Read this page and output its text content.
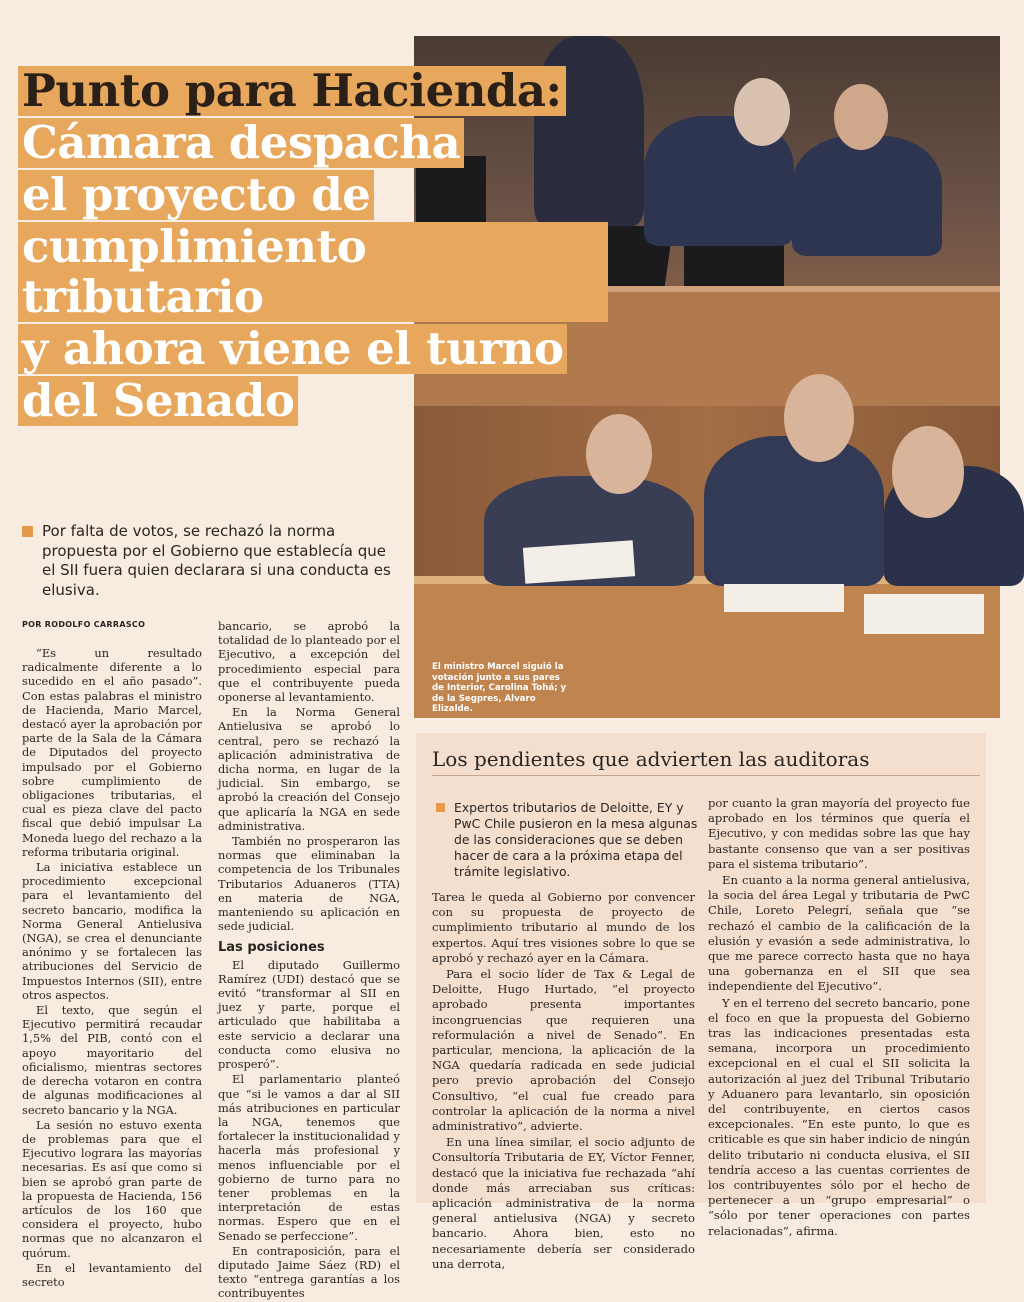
El ministro Marcel siguió la votación junto a sus pares de Interior, Carolina Tohá; y de la Segpres, Alvaro Elizalde.
Punto para Hacienda:
Cámara despacha
el proyecto de
cumplimiento tributario
y ahora viene el turno
del Senado
Por falta de votos, se rechazó la norma propuesta por el Gobierno que establecía que el SII fuera quien declarara si una conducta es elusiva.
POR RODOLFO CARRASCO

“Es un resultado radicalmente diferente a lo sucedido en el año pasado”. Con estas palabras el ministro de Hacienda, Mario Marcel, destacó ayer la aprobación por parte de la Sala de la Cámara de Diputados del proyecto impulsado por el Gobierno sobre cumplimiento de obligaciones tributarias, el cual es pieza clave del pacto fiscal que debió impulsar La Moneda luego del rechazo a la reforma tributaria original.

La iniciativa establece un procedimiento excepcional para el levantamiento del secreto bancario, modifica la Norma General Antielusiva (NGA), se crea el denunciante anónimo y se fortalecen las atribuciones del Servicio de Impuestos Internos (SII), entre otros aspectos.

El texto, que según el Ejecutivo permitirá recaudar 1,5% del PIB, contó con el apoyo mayoritario del oficialismo, mientras sectores de derecha votaron en contra de algunas modificaciones al secreto bancario y la NGA.

La sesión no estuvo exenta de problemas para que el Ejecutivo lograra las mayorías necesarias. Es así que como si bien se aprobó gran parte de la propuesta de Hacienda, 156 artículos de los 160 que considera el proyecto, hubo normas que no alcanzaron el quórum.

En el levantamiento del secreto

bancario, se aprobó la totalidad de lo planteado por el Ejecutivo, a excepción del procedimiento especial para que el contribuyente pueda oponerse al levantamiento.

En la Norma General Antielusiva se aprobó lo central, pero se rechazó la aplicación administrativa de dicha norma, en lugar de la judicial. Sin embargo, se aprobó la creación del Consejo que aplicaría la NGA en sede administrativa.

También no prosperaron las normas que eliminaban la competencia de los Tribunales Tributarios Aduaneros (TTA) en materia de NGA, manteniendo su aplicación en sede judicial.

Las posiciones

El diputado Guillermo Ramírez (UDI) destacó que se evitó “transformar al SII en juez y parte, porque el articulado que habilitaba a este servicio a declarar una conducta como elusiva no prosperó”.

El parlamentario planteó que “si le vamos a dar al SII más atribuciones en particular la NGA, tenemos que fortalecer la institucionalidad y hacerla más profesional y menos influenciable por el gobierno de turno para no tener problemas en la interpretación de estas normas. Espero que en el Senado se perfeccione”.

En contraposición, para el diputado Jaime Sáez (RD) el texto “entrega garantías a los contribuyentes

Los pendientes que advierten las auditoras
Expertos tributarios de Deloitte, EY y PwC Chile pusieron en la mesa algunas de las consideraciones que se deben hacer de cara a la próxima etapa del trámite legislativo.

Tarea le queda al Gobierno por convencer con su propuesta de proyecto de cumplimiento tributario al mundo de los expertos. Aquí tres visiones sobre lo que se aprobó y rechazó ayer en la Cámara.

Para el socio líder de Tax & Legal de Deloitte, Hugo Hurtado, “el proyecto aprobado presenta importantes incongruencias que requieren una reformulación a nivel de Senado”. En particular, menciona, la aplicación de la NGA quedaría radicada en sede judicial pero previo aprobación del Consejo Consultivo, “el cual fue creado para controlar la aplicación de la norma a nivel administrativo”, advierte.

En una línea similar, el socio adjunto de Consultoría Tributaria de EY, Víctor Fenner, destacó que la iniciativa fue rechazada “ahí donde más arreciaban sus críticas: aplicación administrativa de la norma general antielusiva (NGA) y secreto bancario. Ahora bien, esto no necesariamente debería ser considerado una derrota,

por cuanto la gran mayoría del proyecto fue aprobado en los términos que quería el Ejecutivo, y con medidas sobre las que hay bastante consenso que van a ser positivas para el sistema tributario”.

En cuanto a la norma general antielusiva, la socia del área Legal y tributaria de PwC Chile, Loreto Pelegrí, señala que “se rechazó el cambio de la calificación de la elusión y evasión a sede administrativa, lo que me parece correcto hasta que no haya una gobernanza en el SII que sea independiente del Ejecutivo”.

Y en el terreno del secreto bancario, pone el foco en que la propuesta del Gobierno tras las indicaciones presentadas esta semana, incorpora un procedimiento excepcional en el cual el SII solicita la autorización al juez del Tribunal Tributario y Aduanero para levantarlo, sin oposición del contribuyente, en ciertos casos excepcionales. “En este punto, lo que es criticable es que sin haber indicio de ningún delito tributario ni conducta elusiva, el SII tendría acceso a las cuentas corrientes de los contribuyentes sólo por el hecho de pertenecer a un “grupo empresarial” o “sólo por tener operaciones con partes relacionadas”, afirma.
